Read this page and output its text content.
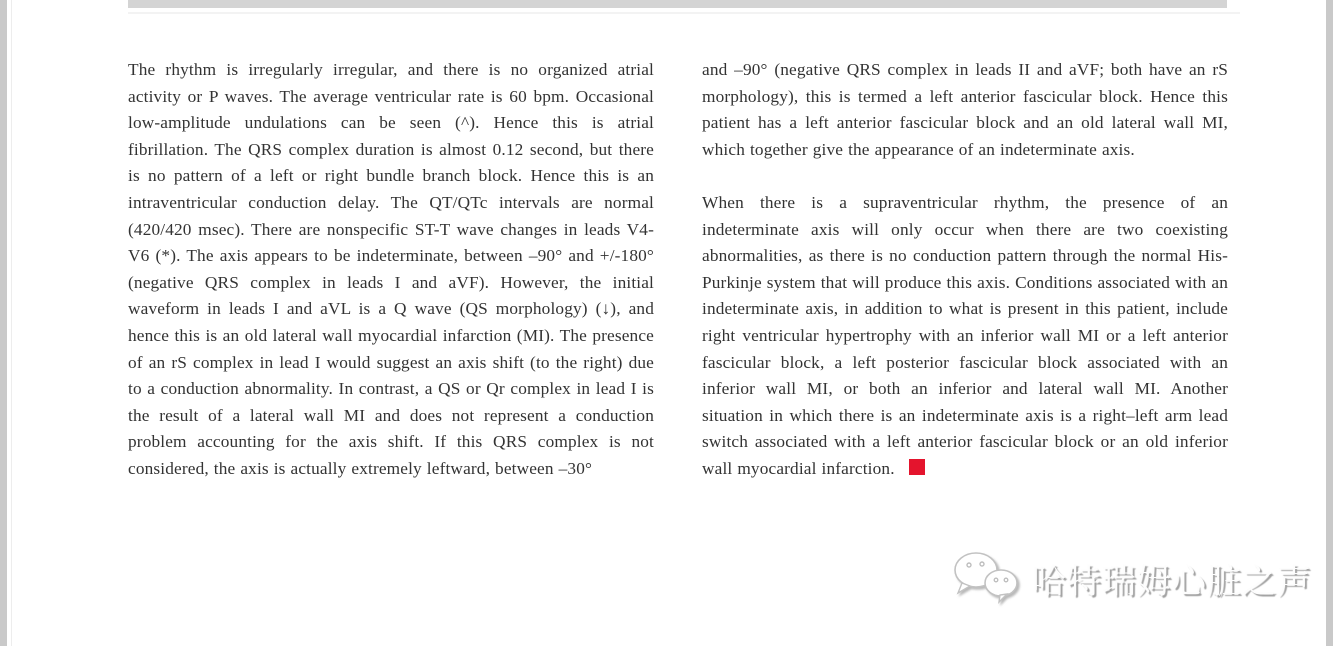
The rhythm is irregularly irregular, and there is no organized atrial activity or P waves. The average ventricular rate is 60 bpm. Occasional low-amplitude undulations can be seen (^). Hence this is atrial fibrillation. The QRS complex duration is almost 0.12 second, but there is no pattern of a left or right bundle branch block. Hence this is an intraventricular conduction delay. The QT/QTc intervals are normal (420/420 msec). There are nonspecific ST-T wave changes in leads V4-V6 (*). The axis appears to be indeterminate, between –90° and +/-180° (negative QRS complex in leads I and aVF). However, the initial waveform in leads I and aVL is a Q wave (QS morphology) (↓), and hence this is an old lateral wall myocardial infarction (MI). The presence of an rS complex in lead I would suggest an axis shift (to the right) due to a conduction abnormality. In contrast, a QS or Qr complex in lead I is the result of a lateral wall MI and does not represent a conduction problem accounting for the axis shift. If this QRS complex is not considered, the axis is actually extremely leftward, between –30°

and –90° (negative QRS complex in leads II and aVF; both have an rS morphology), this is termed a left anterior fascicular block. Hence this patient has a left anterior fascicular block and an old lateral wall MI, which together give the appearance of an indeterminate axis.

When there is a supraventricular rhythm, the presence of an indeterminate axis will only occur when there are two coexisting abnormalities, as there is no conduction pattern through the normal His-Purkinje system that will produce this axis. Conditions associated with an indeterminate axis, in addition to what is present in this patient, include right ventricular hypertrophy with an inferior wall MI or a left anterior fascicular block, a left posterior fascicular block associated with an inferior wall MI, or both an inferior and lateral wall MI. Another situation in which there is an indeterminate axis is a right–left arm lead switch associated with a left anterior fascicular block or an old inferior wall myocardial infarction.

哈特瑞姆心脏之声
